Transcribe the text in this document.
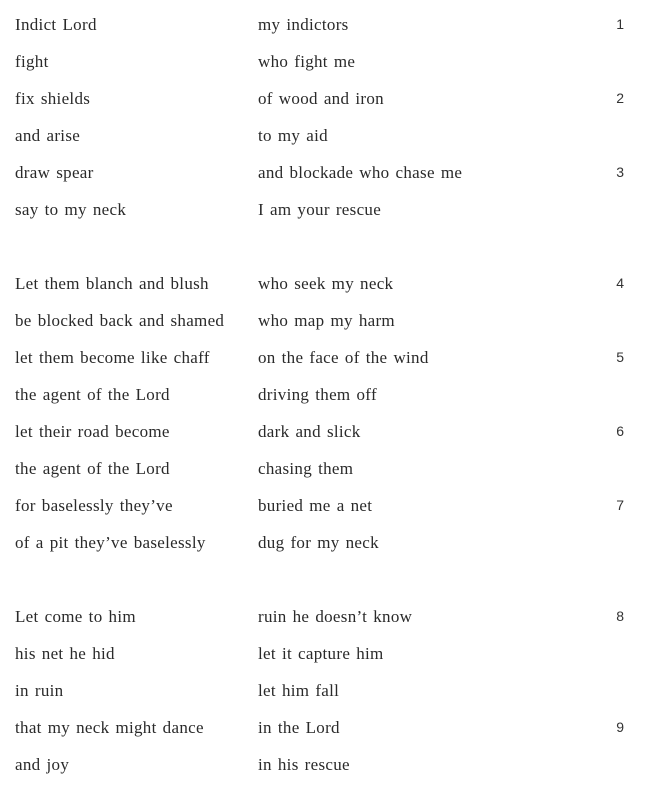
Indict Lord	my indictors	1
fight	who fight me
fix shields	of wood and iron	2
and arise	to my aid
draw spear	and blockade who chase me	3
say to my neck	I am your rescue
Let them blanch and blush	who seek my neck	4
be blocked back and shamed	who map my harm
let them become like chaff	on the face of the wind	5
the agent of the Lord	driving them off
let their road become	dark and slick	6
the agent of the Lord	chasing them
for baselessly they’ve	buried me a net	7
of a pit they’ve baselessly	dug for my neck
Let come to him	ruin he doesn’t know	8
his net he hid	let it capture him
in ruin	let him fall
that my neck might dance	in the Lord	9
and joy	in his rescue
